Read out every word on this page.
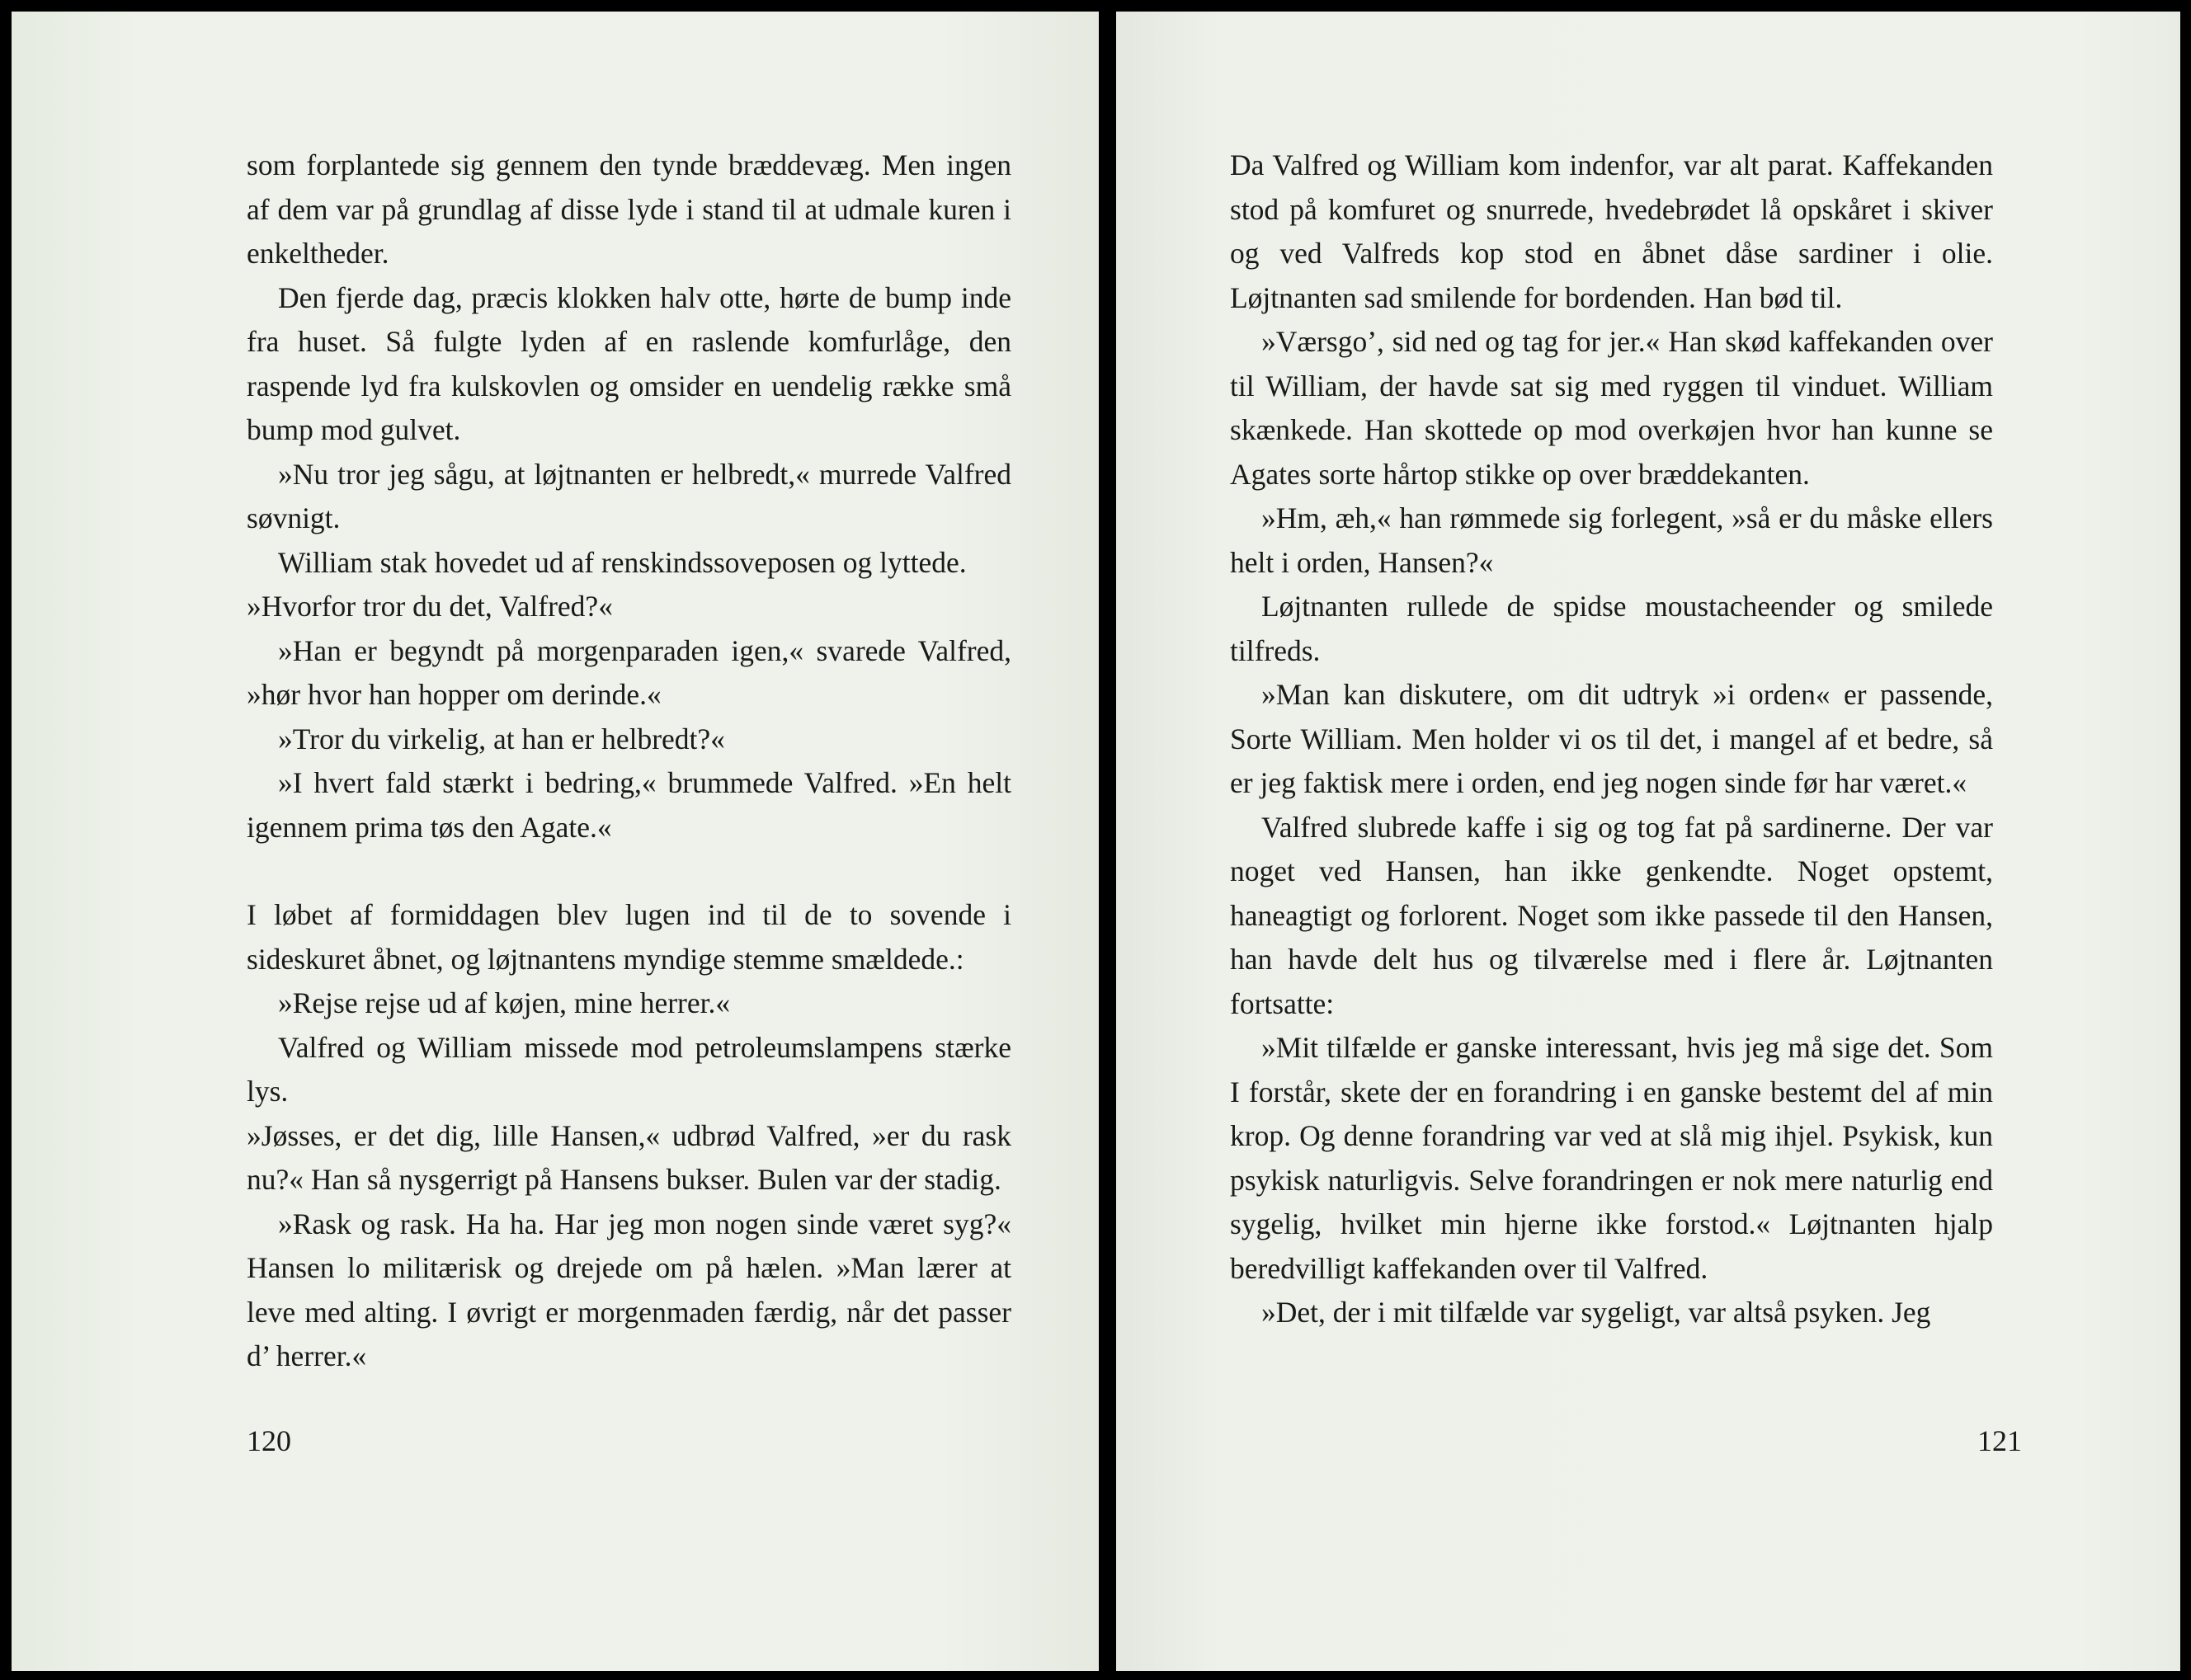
som forplantede sig gennem den tynde bræddevæg. Men ingen af dem var på grundlag af disse lyde i stand til at udmale kuren i enkeltheder.

Den fjerde dag, præcis klokken halv otte, hørte de bump inde fra huset. Så fulgte lyden af en raslende komfurlåge, den raspende lyd fra kulskovlen og omsider en uendelig række små bump mod gulvet.

»Nu tror jeg sågu, at løjtnanten er helbredt,« murrede Valfred søvnigt.

William stak hovedet ud af renskindssoveposen og lyttede.

»Hvorfor tror du det, Valfred?«

»Han er begyndt på morgenparaden igen,« svarede Valfred, »hør hvor han hopper om derinde.«

»Tror du virkelig, at han er helbredt?«

»I hvert fald stærkt i bedring,« brummede Valfred. »En helt igennem prima tøs den Agate.«

I løbet af formiddagen blev lugen ind til de to sovende i sideskuret åbnet, og løjtnantens myndige stemme smældede.:

»Rejse rejse ud af køjen, mine herrer.«

Valfred og William missede mod petroleumslampens stærke lys.

»Jøsses, er det dig, lille Hansen,« udbrød Valfred, »er du rask nu?« Han så nysgerrigt på Hansens bukser. Bulen var der stadig.

»Rask og rask. Ha ha. Har jeg mon nogen sinde været syg?« Hansen lo militærisk og drejede om på hælen. »Man lærer at leve med alting. I øvrigt er morgenmaden færdig, når det passer d’ herrer.«

120

Da Valfred og William kom indenfor, var alt parat. Kaffekanden stod på komfuret og snurrede, hvedebrødet lå opskåret i skiver og ved Valfreds kop stod en åbnet dåse sardiner i olie. Løjtnanten sad smilende for bordenden. Han bød til.

»Værsgo’, sid ned og tag for jer.« Han skød kaffekanden over til William, der havde sat sig med ryggen til vinduet. William skænkede. Han skottede op mod overkøjen hvor han kunne se Agates sorte hårtop stikke op over bræddekanten.

»Hm, æh,« han rømmede sig forlegent, »så er du måske ellers helt i orden, Hansen?«

Løjtnanten rullede de spidse moustacheender og smilede tilfreds.

»Man kan diskutere, om dit udtryk »i orden« er passende, Sorte William. Men holder vi os til det, i mangel af et bedre, så er jeg faktisk mere i orden, end jeg nogen sinde før har været.«

Valfred slubrede kaffe i sig og tog fat på sardinerne. Der var noget ved Hansen, han ikke genkendte. Noget opstemt, haneagtigt og forlorent. Noget som ikke passede til den Hansen, han havde delt hus og tilværelse med i flere år. Løjtnanten fortsatte:

»Mit tilfælde er ganske interessant, hvis jeg må sige det. Som I forstår, skete der en forandring i en ganske bestemt del af min krop. Og denne forandring var ved at slå mig ihjel. Psykisk, kun psykisk naturligvis. Selve forandringen er nok mere naturlig end sygelig, hvilket min hjerne ikke forstod.« Løjtnanten hjalp beredvilligt kaffekanden over til Valfred.

»Det, der i mit tilfælde var sygeligt, var altså psyken. Jeg

121
